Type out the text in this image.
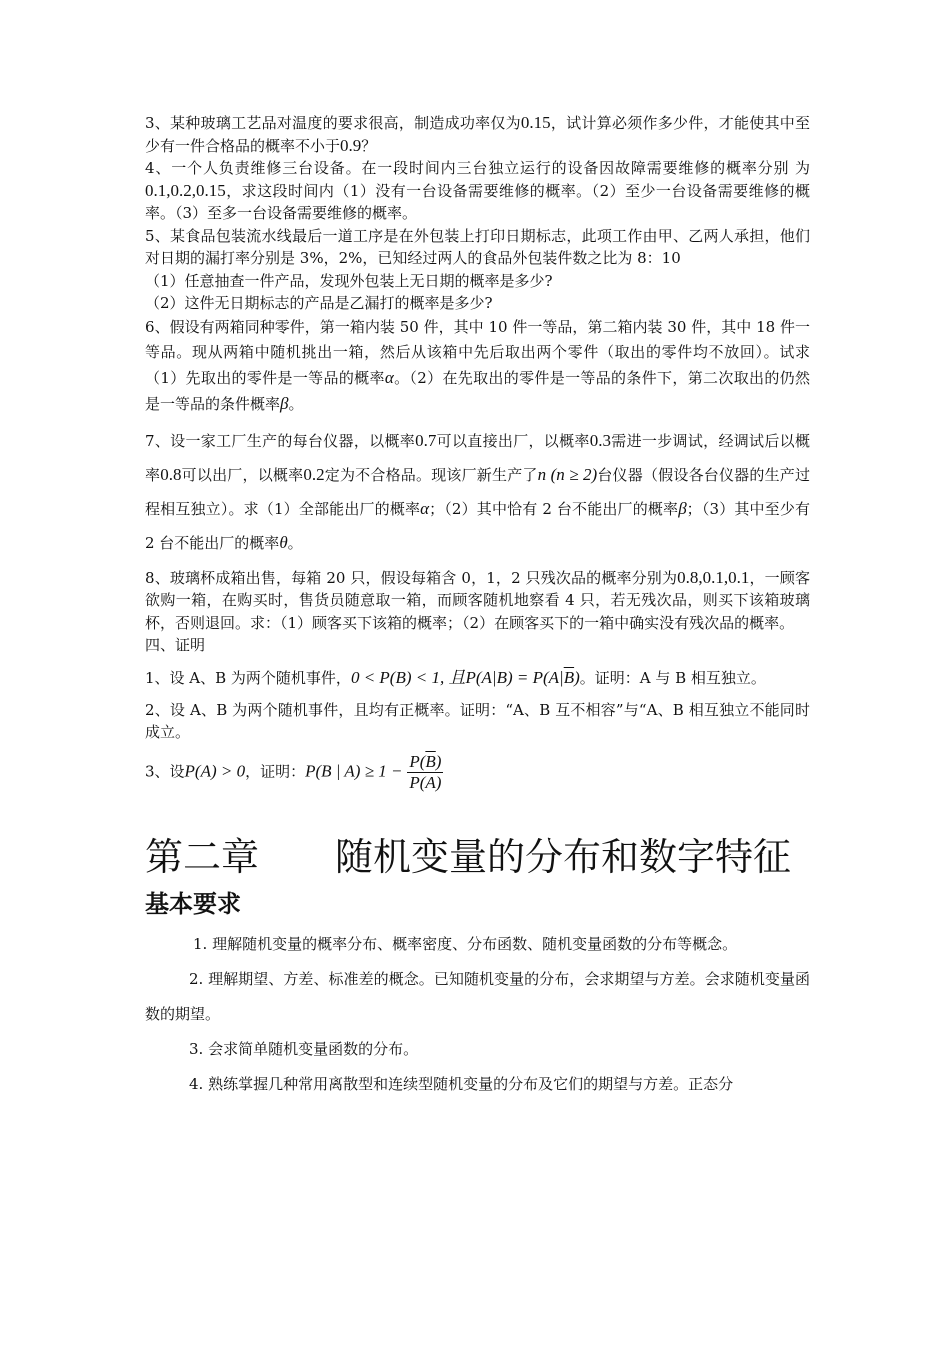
3、某种玻璃工艺品对温度的要求很高，制造成功率仅为0.15，试计算必须作多少件，才能使其中至少有一件合格品的概率不小于0.9？

4、一个人负责维修三台设备。在一段时间内三台独立运行的设备因故障需要维修的概率分别 为0.1,0.2,0.15，求这段时间内（1）没有一台设备需要维修的概率。（2）至少一台设备需要维修的概率。（3）至多一台设备需要维修的概率。

5、某食品包装流水线最后一道工序是在外包装上打印日期标志，此项工作由甲、乙两人承担，他们对日期的漏打率分别是 3%，2%，已知经过两人的食品外包装件数之比为 8：10

（1）任意抽查一件产品，发现外包装上无日期的概率是多少?

（2）这件无日期标志的产品是乙漏打的概率是多少?

6、假设有两箱同种零件，第一箱内装 50 件，其中 10 件一等品，第二箱内装 30 件，其中 18 件一等品。现从两箱中随机挑出一箱，然后从该箱中先后取出两个零件（取出的零件均不放回）。试求（1）先取出的零件是一等品的概率α。（2）在先取出的零件是一等品的条件下，第二次取出的仍然是一等品的条件概率β。

7、设一家工厂生产的每台仪器，以概率0.7可以直接出厂，以概率0.3需进一步调试，经调试后以概率0.8可以出厂，以概率0.2定为不合格品。现该厂新生产了n (n ≥ 2)台仪器（假设各台仪器的生产过程相互独立）。求（1）全部能出厂的概率α；（2）其中恰有 2 台不能出厂的概率β；（3）其中至少有 2 台不能出厂的概率θ。

8、玻璃杯成箱出售，每箱 20 只，假设每箱含 0，1，2 只残次品的概率分别为0.8,0.1,0.1，一顾客欲购一箱，在购买时，售货员随意取一箱，而顾客随机地察看 4 只，若无残次品，则买下该箱玻璃杯，否则退回。求：（1）顾客买下该箱的概率；（2）在顾客买下的一箱中确实没有残次品的概率。

四、证明

1、设 A、B 为两个随机事件，0 < P(B) < 1, 且$P(A|B) = P(A|\overline{B})$。证明：A 与 B 相互独立。

2、设 A、B 为两个随机事件，且均有正概率。证明：“A、B 互不相容”与“A、B 相互独立不能同时成立。

3、设P(A) > 0，证明：P(B | $A) \ge 1 - \frac{P(\overline{B})}{P(A)}$

第二章 随机变量的分布和数字特征
基本要求

1. 理解随机变量的概率分布、概率密度、分布函数、随机变量函数的分布等概念。

2. 理解期望、方差、标准差的概念。已知随机变量的分布，会求期望与方差。会求随机变量函数的期望。

3. 会求简单随机变量函数的分布。

4. 熟练掌握几种常用离散型和连续型随机变量的分布及它们的期望与方差。正态分
